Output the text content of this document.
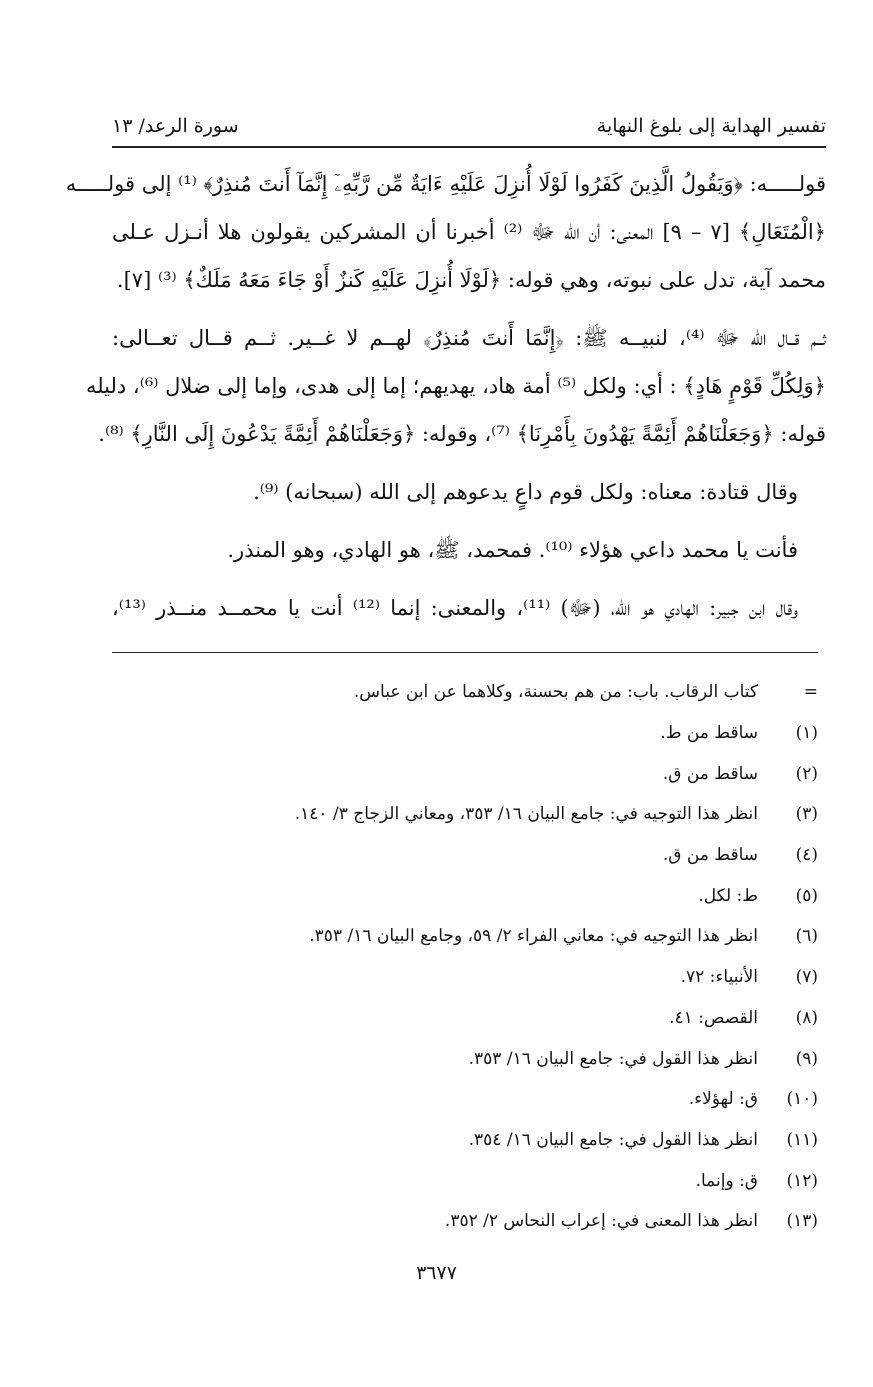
تفسير الهداية إلى بلوغ النهاية
سورة الرعد/ ١٣
قولـــــه: ﴿وَيَقُولُ الَّذِينَ كَفَرُوا لَوْلَا أُنزِلَ عَلَيْهِ ءَايَةٌ مِّن رَّبِّهِۦٓ إِنَّمَآ أَنتَ مُنذِرٌ﴾ ⁽¹⁾ إلى قولـــــه
﴿الْمُتَعَالِ﴾ [٧ – ٩] المعنى: أن الله ﷻ ⁽²⁾ أخبرنا أن المشركين يقولون هلا أنـزل عـلى
محمد آية، تدل على نبوته، وهي قوله: ﴿لَوْلَا أُنزِلَ عَلَيْهِ كَنزٌ أَوْ جَاءَ مَعَهُ مَلَكٌ﴾ ⁽³⁾ [٧].
ثــم قــال الله ﷻ ⁽⁴⁾، لنبيــه ﷺ: ﴿إِنَّمَا أَنتَ مُنذِرٌ﴾ لهــم لا غــير. ثــم قــال تعــالى:
﴿وَلِكُلِّ قَوْمٍ هَادٍ﴾ : أي: ولكل ⁽⁵⁾ أمة هاد، يهديهم؛ إما إلى هدى، وإما إلى ضلال ⁽⁶⁾، دليله
قوله: ﴿وَجَعَلْنَاهُمْ أَئِمَّةً يَهْدُونَ بِأَمْرِنَا﴾ ⁽⁷⁾، وقوله: ﴿وَجَعَلْنَاهُمْ أَئِمَّةً يَدْعُونَ إِلَى النَّارِ﴾ ⁽⁸⁾.
وقال قتادة: معناه: ولكل قوم داعٍ يدعوهم إلى الله (سبحانه) ⁽⁹⁾.
فأنت يا محمد داعي هؤلاء ⁽¹⁰⁾. فمحمد، ﷺ، هو الهادي، وهو المنذر.
وقال ابن جبير: الهادي هو الله، (ﷻ) ⁽¹¹⁾، والمعنى: إنما ⁽¹²⁾ أنت يا محمــد منــذر ⁽¹³⁾،
=
كتاب الرقاب. باب: من هم بحسنة، وكلاهما عن ابن عباس.
(١)
ساقط من ط.
(٢)
ساقط من ق.
(٣)
انظر هذا التوجيه في: جامع البيان ١٦/ ٣٥٣، ومعاني الزجاج ٣/ ١٤٠.
(٤)
ساقط من ق.
(٥)
ط: لكل.
(٦)
انظر هذا التوجيه في: معاني الفراء ٢/ ٥٩، وجامع البيان ١٦/ ٣٥٣.
(٧)
الأنبياء: ٧٢.
(٨)
القصص: ٤١.
(٩)
انظر هذا القول في: جامع البيان ١٦/ ٣٥٣.
(١٠)
ق: لهؤلاء.
(١١)
انظر هذا القول في: جامع البيان ١٦/ ٣٥٤.
(١٢)
ق: وإنما.
(١٣)
انظر هذا المعنى في: إعراب النحاس ٢/ ٣٥٢.
٣٦٧٧
